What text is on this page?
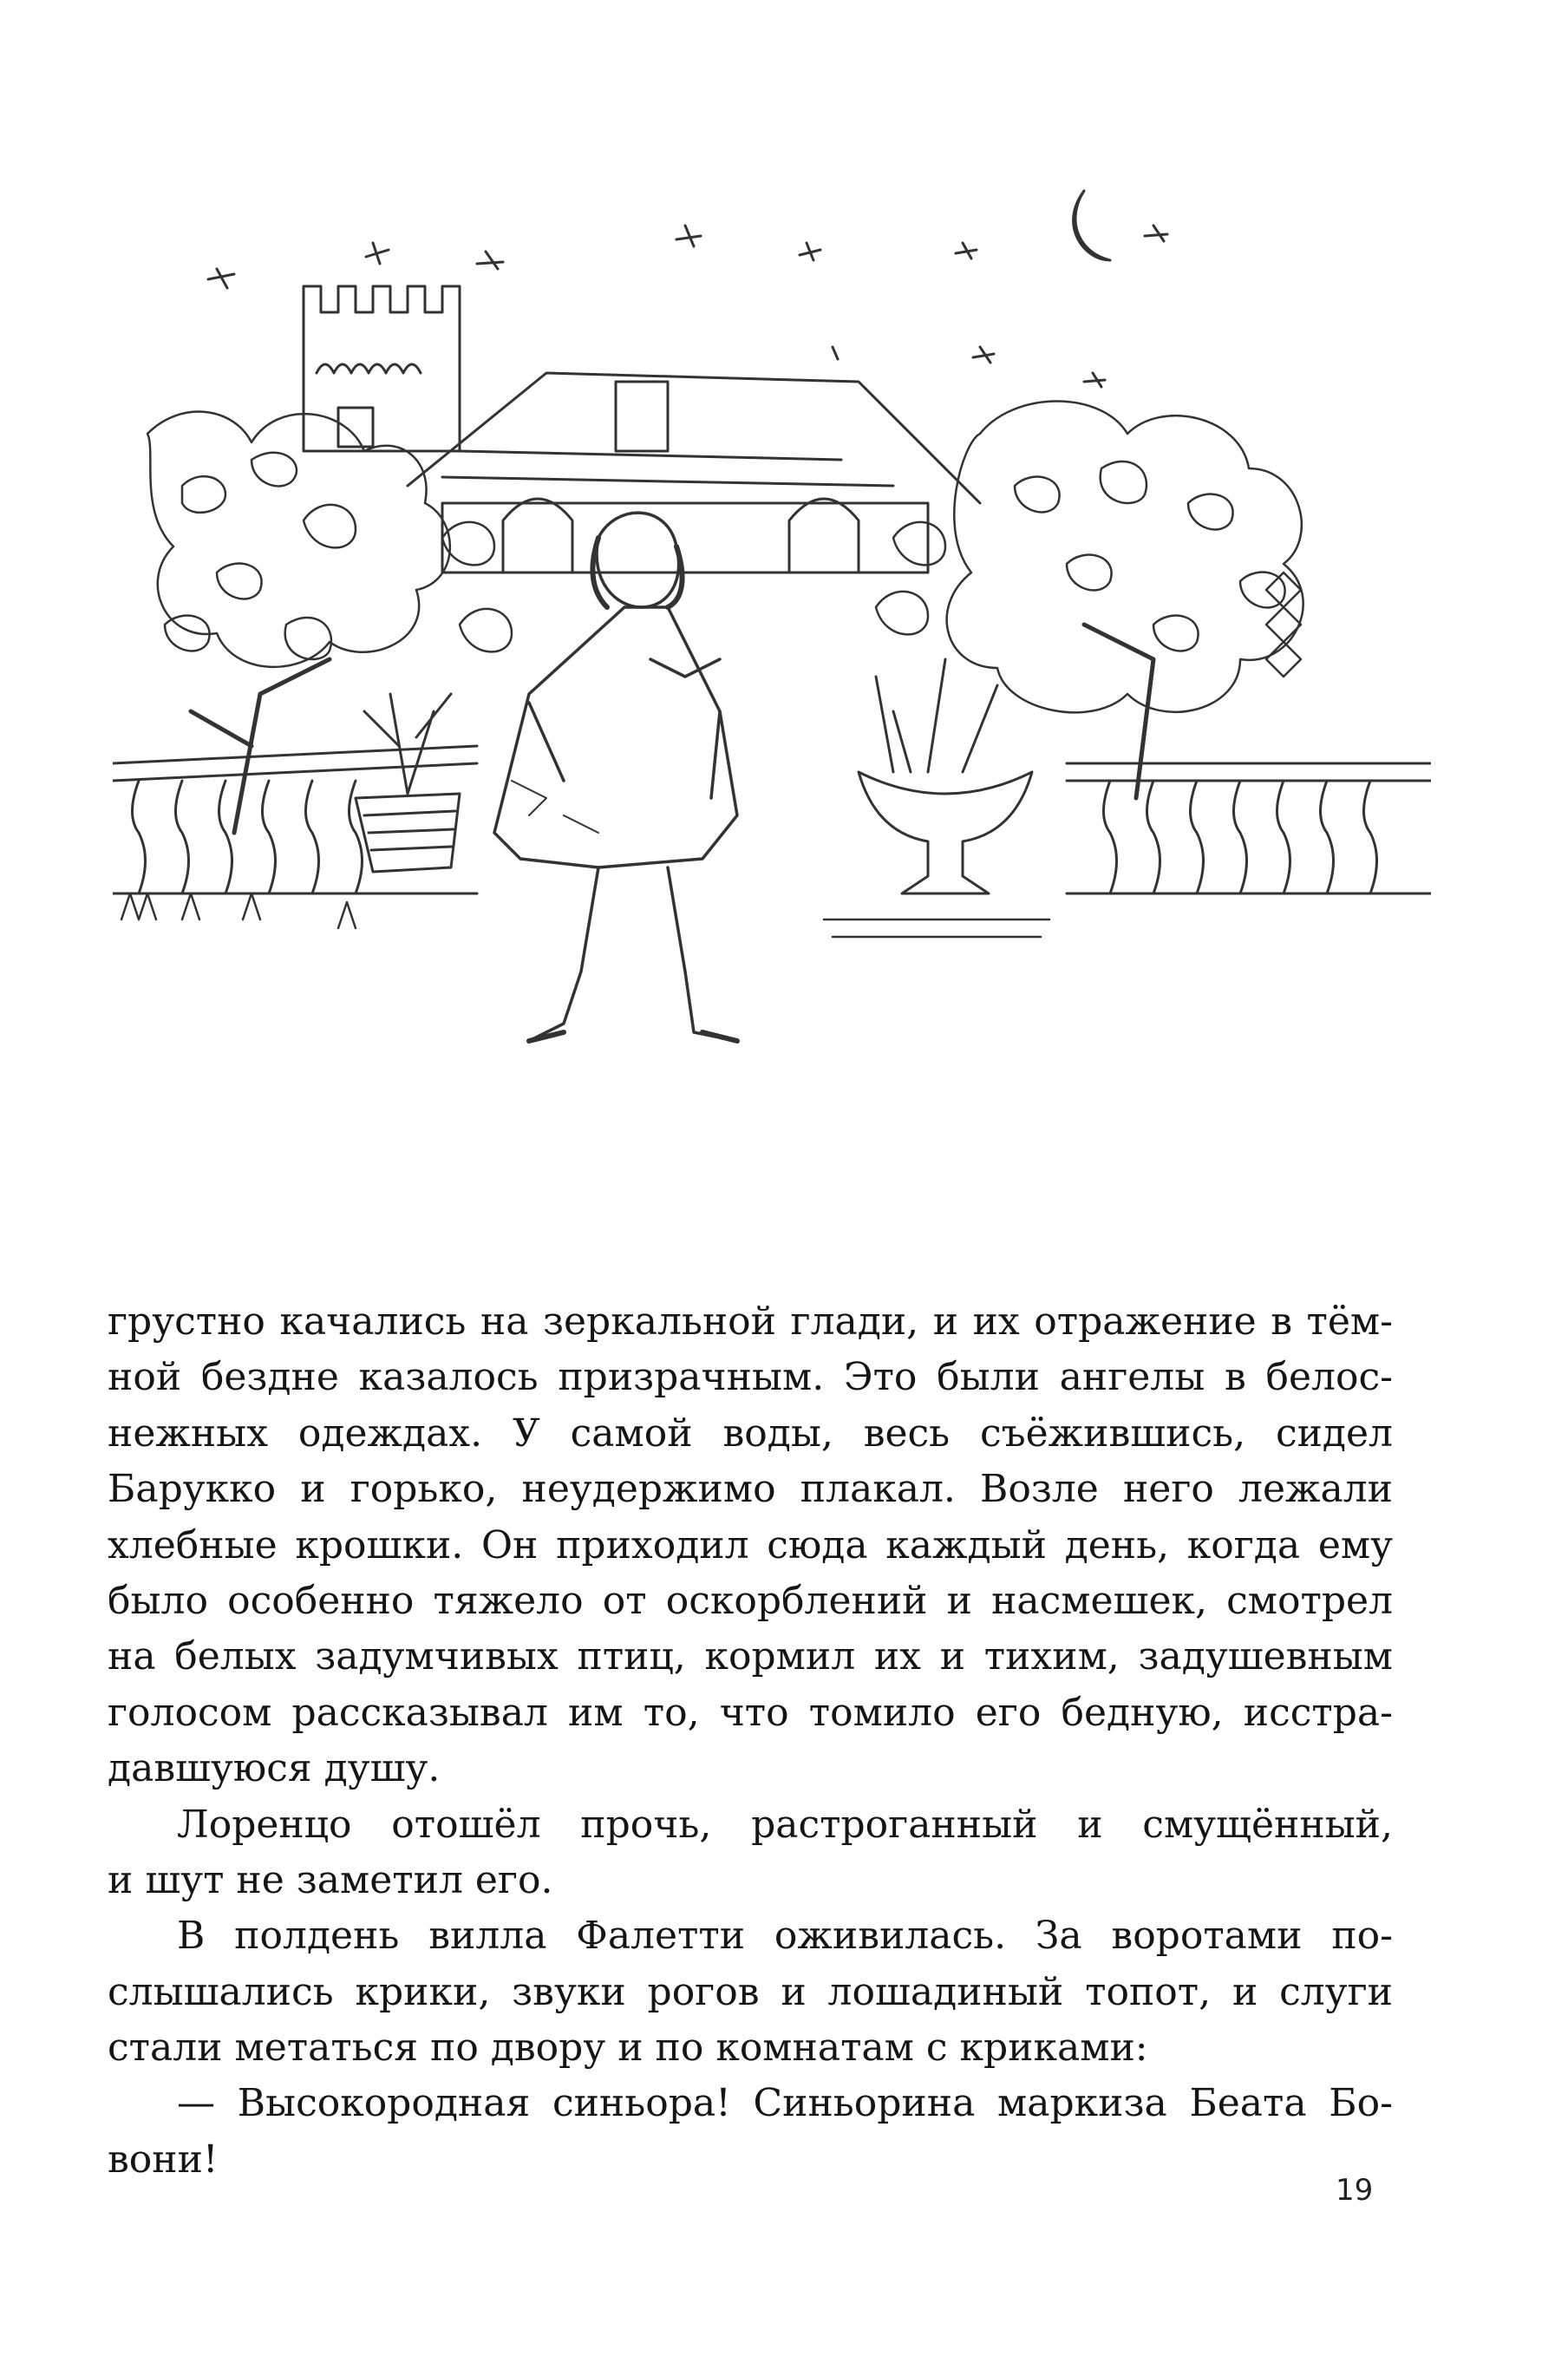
грустно качались на зеркальной глади, и их отражение в тём-
ной бездне казалось призрачным. Это были ангелы в белос-
нежных одеждах. У самой воды, весь съёжившись, сидел
Барукко и горько, неудержимо плакал. Возле него лежали
хлебные крошки. Он приходил сюда каждый день, когда ему
было особенно тяжело от оскорблений и насмешек, смотрел
на белых задумчивых птиц, кормил их и тихим, задушевным
голосом рассказывал им то, что томило его бедную, исстра-
давшуюся душу.
Лоренцо отошёл прочь, растроганный и смущённый,
и шут не заметил его.
В полдень вилла Фалетти оживилась. За воротами по-
слышались крики, звуки рогов и лошадиный топот, и слуги
стали метаться по двору и по комнатам с криками:
— Высокородная синьора! Синьорина маркиза Беата Бо-
вони!
19
